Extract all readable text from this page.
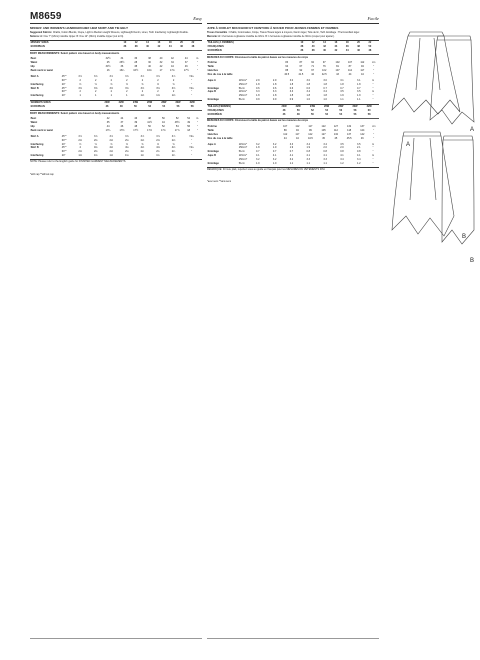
M8659	Easy
MISSES' AND WOMEN'S HANDKERCHIEF HEM SKIRT AND TIE BELT
Suggested Fabrics: Challis, Cotton Blends, Crepe, Light to Medium weight Wovens, Lightweight Denim, Linen, Twill. Interfacing: Lightweight Fusible.
Notions: A: One 7" (18cm) invisible zipper. B: One 12" (30cm) invisible zipper (cut to fit).
MISSES' SIZES	10	12	14	16	18	20	22	
EUROPEAN	36	38	40	42	44	46	48	
BODY MEASUREMENTS: Select pattern size based on body measurements
Bust	32½	34	36	38	40	42	44	in.
Waist	25	26½	28	30	32	34	37	"
Hip	34½	36	38	40	42	44	46	"
Back neck to waist	16	16¼	16½	16¾	17	17¼	17½	"
Skirt A	45"*	3⅞	3⅞	3⅞	3⅞	3⅞	3⅞	3⅞	Yds.
	60"*	2	2	2	2	2	2	2	"
Interfacing	20"	⅝	⅝	⅝	⅝	⅝	⅝	⅝	"
Skirt B	45"*	3⅝	3⅝	3⅝	3⅝	3⅝	3⅝	3⅝	Yds.
	60"*	2	2	2	2	2	2	2	"
Interfacing	20"	1	1	1	1	1⅛	1⅛	1⅛	"
WOMEN'S SIZES	20W	22W	24W	26W	28W	30W	32W	
EUROPEAN	46	48	50	52	54	56	58	
BODY MEASUREMENTS: Select pattern size based on body measurements
Bust	42	44	46	48	50	52	54	in.
Waist	35	37	39	41½	44	46½	49	"
Hip	44	46	48	50	52	54	56	"
Back neck to waist	17¼	17⅜	17½	17⅝	17¾	17⅞	18	"
Skirt A	45"*	3⅞	3⅞	3⅞	3⅞	3⅞	3⅞	3⅞	Yds.
	60"*	2⅛	2⅛	2⅛	2⅛	2⅛	2⅛	2⅛	"
Interfacing	20"	⅝	⅝	⅝	⅝	⅝	⅝	⅝	"
Skirt B	45"*	4	4⅛	4⅛	4⅛	4⅛	4⅛	4⅛	Yds.
	60"*	2⅛	2⅛	2⅛	2⅛	2¼	2¼	2¼	"
Interfacing	20"	1⅛	1⅛	1⅛	1⅛	1¼	1¼	1¼	"
NOTE: Please refer to the English guide for FINISHED GARMENT MEASUREMENTS.
*with nap **without nap
Facile
JUPE À OURLET MOUCHOIR ET CEINTURE À NOUER POUR JEUNES FEMMES ET FEMMES
Tissus Conseillés : Challis, Cotonnades, Crêpe, Tissus Tissés légers à moyens, Denim léger, Toile de lin, Twill. Entoilage : Thermocollant léger.
Mercerie: A: 1 fermeture à glissière invisible de 18cm. B: 1 fermeture à glissière invisible de 30cm (couper pour ajuster).
TAILLES (J. FEMMES)	10	12	14	16	18	20	22	
FRANÇAISES	38	40	42	44	46	48	50	
EUROPÉEN	36	38	40	42	44	46	48	
MESURES DU CORPS: Choisissez la taille du patron basée sur les mesures du corps
Poitrine	83	87	92	97	102	107	112	cm
Taille	64	67	71	76	81	87	94	"
Hanches	88	92	97	102	107	112	117	"
Dos du cou à la taille	40.5	41.5	42	42.5	43	44	44	"
Jupe A	115cm*	2.9	2.9	3.0	3.0	3.0	3.1	3.1	m
	150cm*	1.8	1.8	1.8	1.8	1.8	1.8	1.8	"
Entoilage	51cm	0.6	0.6	0.6	0.6	0.7	0.7	0.7	"
Jupe B	115cm*	3.3	3.3	3.3	3.4	3.4	3.5	3.5	m
	150cm*	1.8	1.8	1.8	1.8	1.8	1.9	1.9	"
Entoilage	51cm	0.9	0.9	0.9	1.0	1.0	1.1	1.1	"
TAILLES (FEMMES)	20W	22W	24W	26W	28W	30W	32W	
FRANÇAISES	48	50	52	54	56	58	60	
EUROPÉEN	46	48	50	52	54	56	58	
MESURES DU CORPS: Choisissez la taille du patron basée sur les mesures du corps
Poitrine	107	112	117	122	127	132	137	cm
Taille	89	94	99	105	112	118	124	"
Hanches	112	117	122	127	132	137	142	"
Dos du cou à la taille	44	44	44.5	45	45	45.5	46	"
Jupe A	115cm*	3.2	3.2	3.3	3.4	3.4	3.5	3.5	m
	150cm*	1.8	1.9	1.9	1.9	2.0	2.0	2.1	"
Entoilage	51cm	0.7	0.7	0.7	0.8	0.8	0.8	0.8	"
Jupe B	115cm*	4.1	4.1	4.1	4.1	4.1	4.1	4.1	m
	150cm*	3.2	3.2	3.2	3.3	3.3	3.4	3.4	"
Entoilage	51cm	1.0	1.0	1.1	1.1	1.1	1.2	1.2	"
REMARQUE: Fil mou plait, reportez-vous au guide en français pour les MESURES DU VÊTEMENTS FINI.
*avec sens **sans sens
A
A
B
B
